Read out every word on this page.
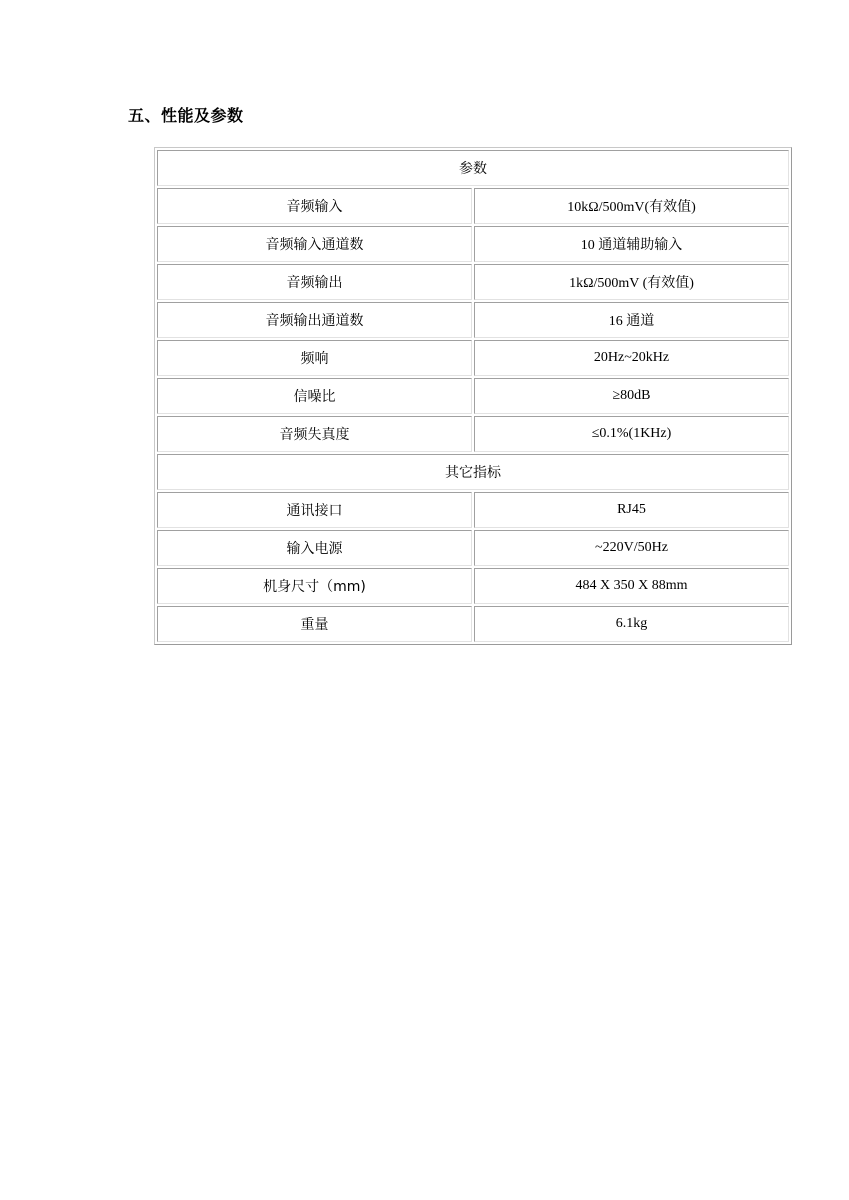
五、性能及参数
参数	
音频输入	10kΩ/500mV(有效值)
音频输入通道数	10 通道辅助输入
音频输出	1kΩ/500mV (有效值)
音频输出通道数	16 通道
频响	20Hz~20kHz
信噪比	≥80dB
音频失真度	≤0.1%(1KHz)
其它指标	
通讯接口	RJ45
输入电源	~220V/50Hz
机身尺寸（mm)	484 X 350 X 88mm
重量	6.1kg
